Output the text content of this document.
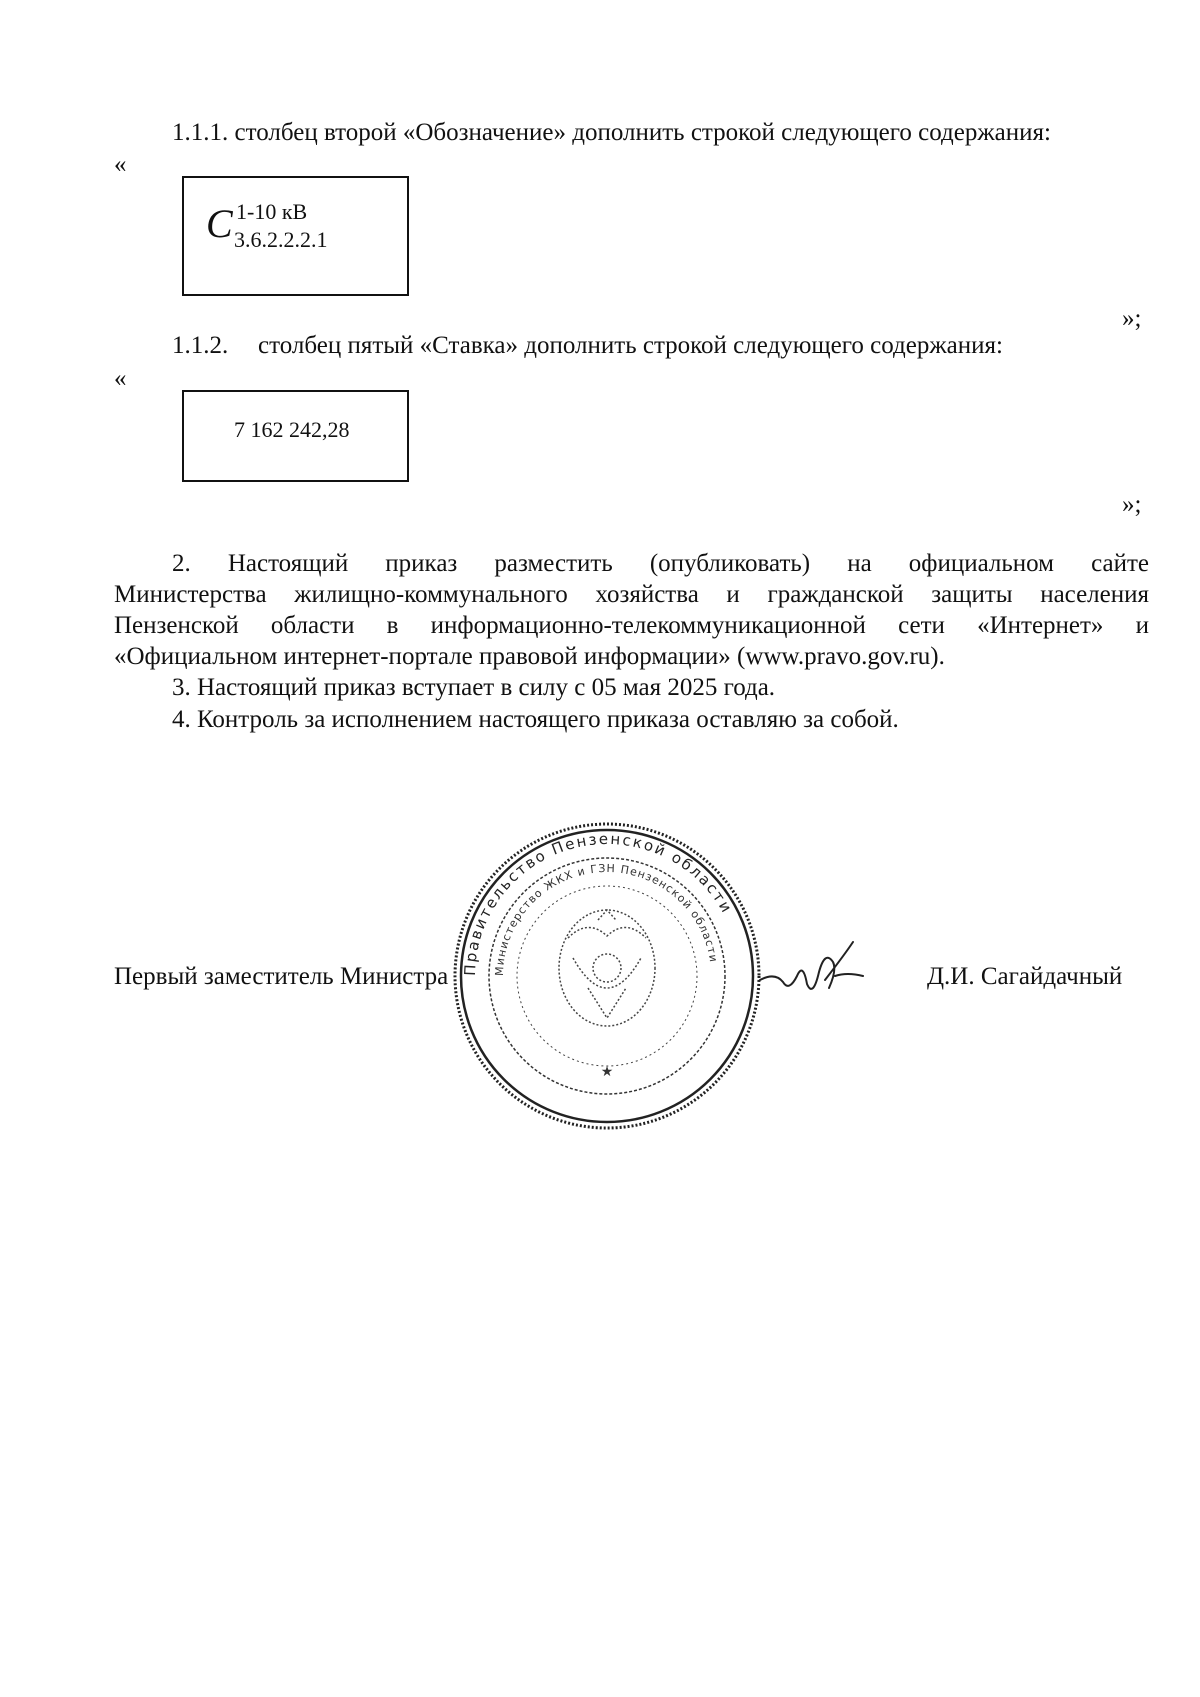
1.1.1. столбец второй «Обозначение» дополнить строкой следующего содержания:
«
C 1-10 кВ
3.6.2.2.2.1
»;
1.1.2. столбец пятый «Ставка» дополнить строкой следующего содержания:
«
7 162 242,28
»;
2. Настоящий приказ разместить (опубликовать) на официальном сайте
Министерства жилищно-коммунального хозяйства и гражданской защиты населения
Пензенской области в информационно-телекоммуникационной сети «Интернет» и
«Официальном интернет-портале правовой информации» (www.pravo.gov.ru).
3. Настоящий приказ вступает в силу с 05 мая 2025 года.
4. Контроль за исполнением настоящего приказа оставляю за собой.
Первый заместитель Министра	Д.И. Сагайдачный
Правительство Пензенской области
Министерство ЖКХ и ГЗН Пензенской области
★
